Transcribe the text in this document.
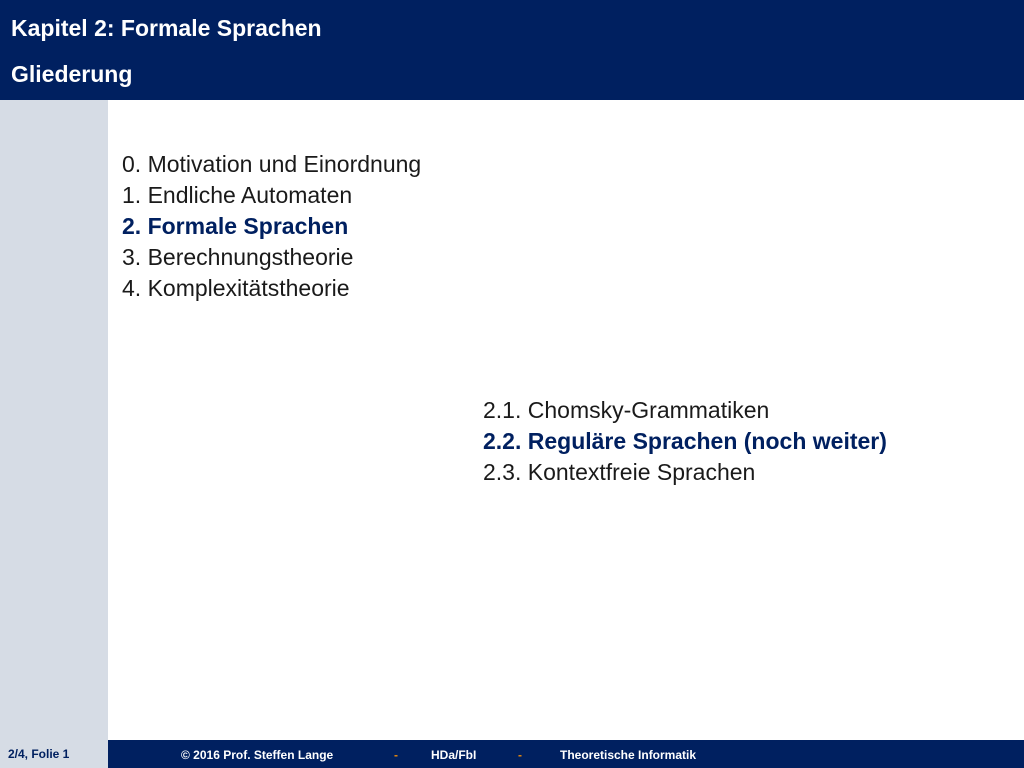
Kapitel 2: Formale Sprachen
Gliederung
0. Motivation und Einordnung
1. Endliche Automaten
2. Formale Sprachen
3. Berechnungstheorie
4. Komplexitätstheorie
2.1. Chomsky-Grammatiken
2.2. Reguläre Sprachen (noch weiter)
2.3. Kontextfreie Sprachen
2/4, Folie 1	© 2016 Prof. Steffen Lange	-	HDa/FbI	-	Theoretische Informatik
